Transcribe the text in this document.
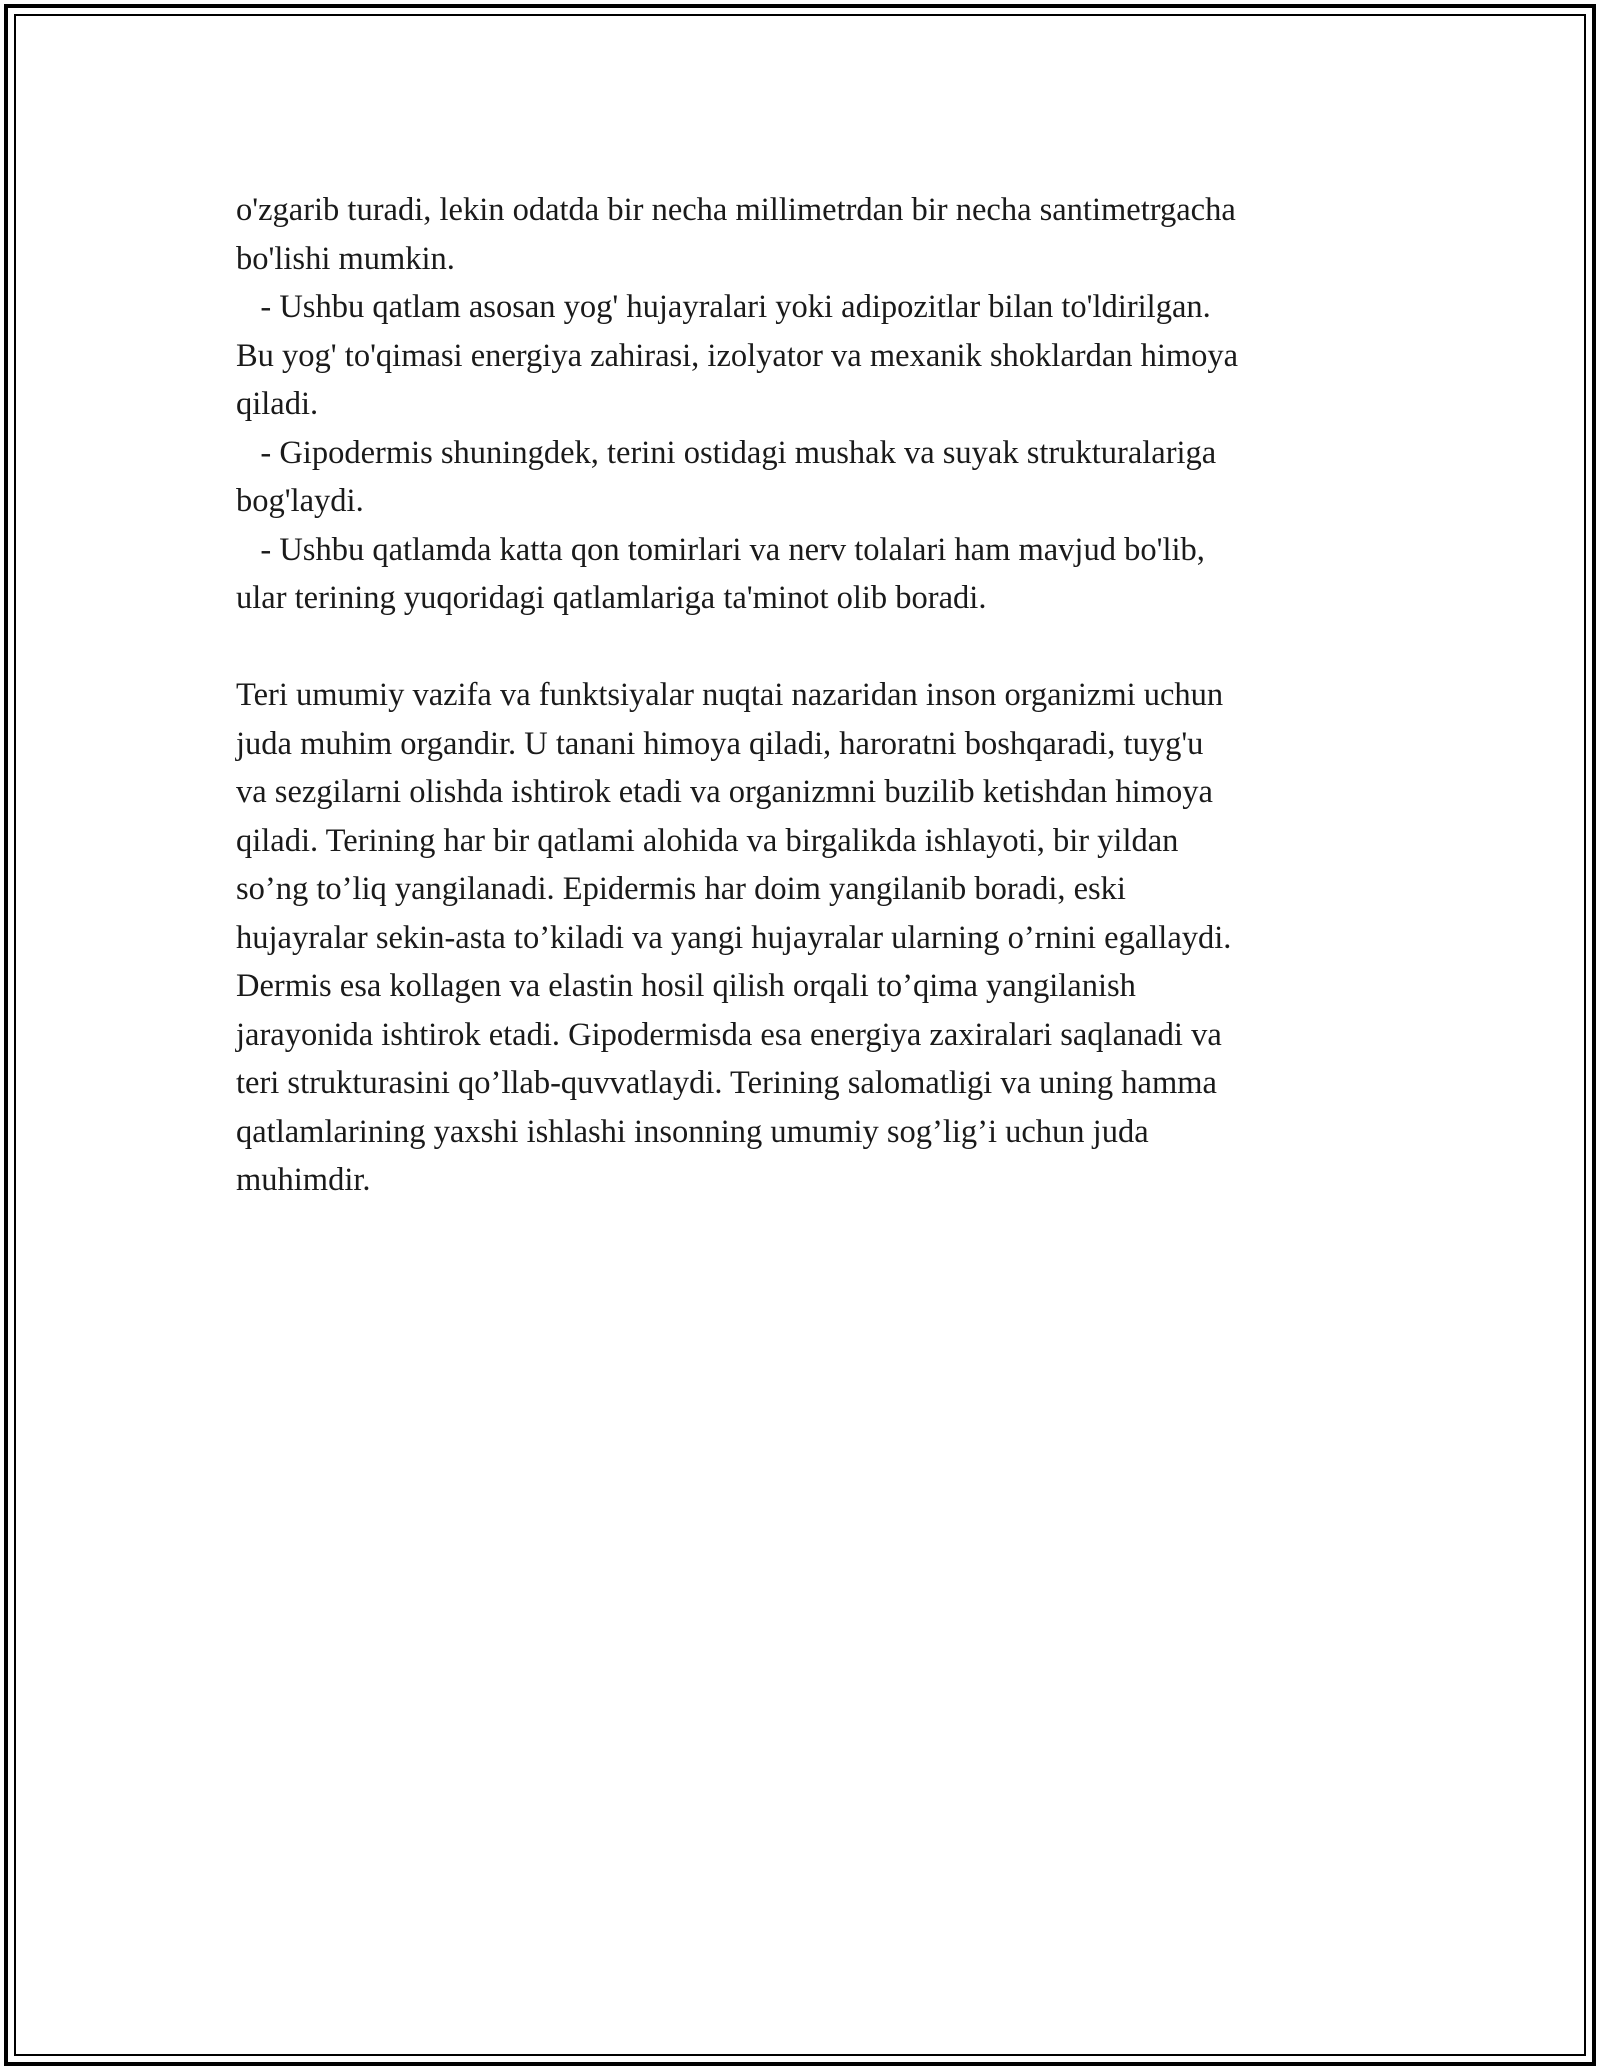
o'zgarib turadi, lekin odatda bir necha millimetrdan bir necha santimetrgacha
bo'lishi mumkin.
- Ushbu qatlam asosan yog' hujayralari yoki adipozitlar bilan to'ldirilgan.
Bu yog' to'qimasi energiya zahirasi, izolyator va mexanik shoklardan himoya
qiladi.
- Gipodermis shuningdek, terini ostidagi mushak va suyak strukturalariga
bog'laydi.
- Ushbu qatlamda katta qon tomirlari va nerv tolalari ham mavjud bo'lib,
ular terining yuqoridagi qatlamlariga ta'minot olib boradi.
Teri umumiy vazifa va funktsiyalar nuqtai nazaridan inson organizmi uchun
juda muhim organdir. U tanani himoya qiladi, haroratni boshqaradi, tuyg'u
va sezgilarni olishda ishtirok etadi va organizmni buzilib ketishdan himoya
qiladi. Terining har bir qatlami alohida va birgalikda ishlayoti, bir yildan
so’ng to’liq yangilanadi. Epidermis har doim yangilanib boradi, eski
hujayralar sekin-asta to’kiladi va yangi hujayralar ularning o’rnini egallaydi.
Dermis esa kollagen va elastin hosil qilish orqali to’qima yangilanish
jarayonida ishtirok etadi. Gipodermisda esa energiya zaxiralari saqlanadi va
teri strukturasini qo’llab-quvvatlaydi. Terining salomatligi va uning hamma
qatlamlarining yaxshi ishlashi insonning umumiy sog’lig’i uchun juda
muhimdir.
